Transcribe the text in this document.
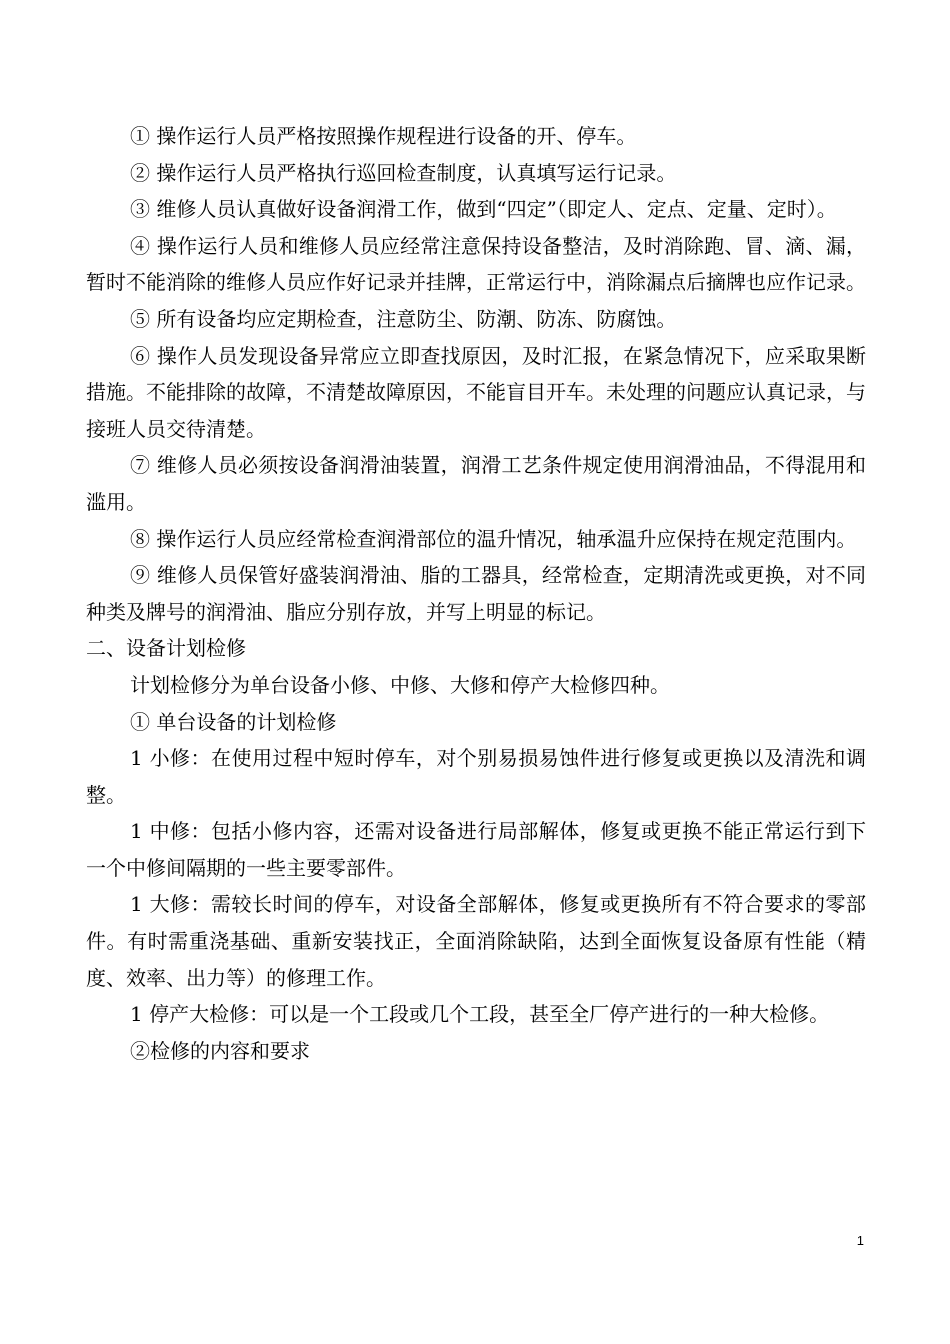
① 操作运行人员严格按照操作规程进行设备的开、停车。

② 操作运行人员严格执行巡回检查制度，认真填写运行记录。

③ 维修人员认真做好设备润滑工作，做到“四定”（即定人、定点、定量、定时）。

④ 操作运行人员和维修人员应经常注意保持设备整洁，及时消除跑、冒、滴、漏，暂时不能消除的维修人员应作好记录并挂牌，正常运行中，消除漏点后摘牌也应作记录。

⑤ 所有设备均应定期检查，注意防尘、防潮、防冻、防腐蚀。

⑥ 操作人员发现设备异常应立即查找原因，及时汇报，在紧急情况下，应采取果断措施。不能排除的故障，不清楚故障原因，不能盲目开车。未处理的问题应认真记录，与接班人员交待清楚。

⑦ 维修人员必须按设备润滑油装置，润滑工艺条件规定使用润滑油品，不得混用和滥用。

⑧ 操作运行人员应经常检查润滑部位的温升情况，轴承温升应保持在规定范围内。

⑨ 维修人员保管好盛装润滑油、脂的工器具，经常检查，定期清洗或更换，对不同种类及牌号的润滑油、脂应分别存放，并写上明显的标记。

二、设备计划检修

计划检修分为单台设备小修、中修、大修和停产大检修四种。

① 单台设备的计划检修

1 小修：在使用过程中短时停车，对个别易损易蚀件进行修复或更换以及清洗和调整。

1 中修：包括小修内容，还需对设备进行局部解体，修复或更换不能正常运行到下一个中修间隔期的一些主要零部件。

1 大修：需较长时间的停车，对设备全部解体，修复或更换所有不符合要求的零部件。有时需重浇基础、重新安装找正，全面消除缺陷，达到全面恢复设备原有性能（精度、效率、出力等）的修理工作。

1 停产大检修：可以是一个工段或几个工段，甚至全厂停产进行的一种大检修。

②检修的内容和要求

1
